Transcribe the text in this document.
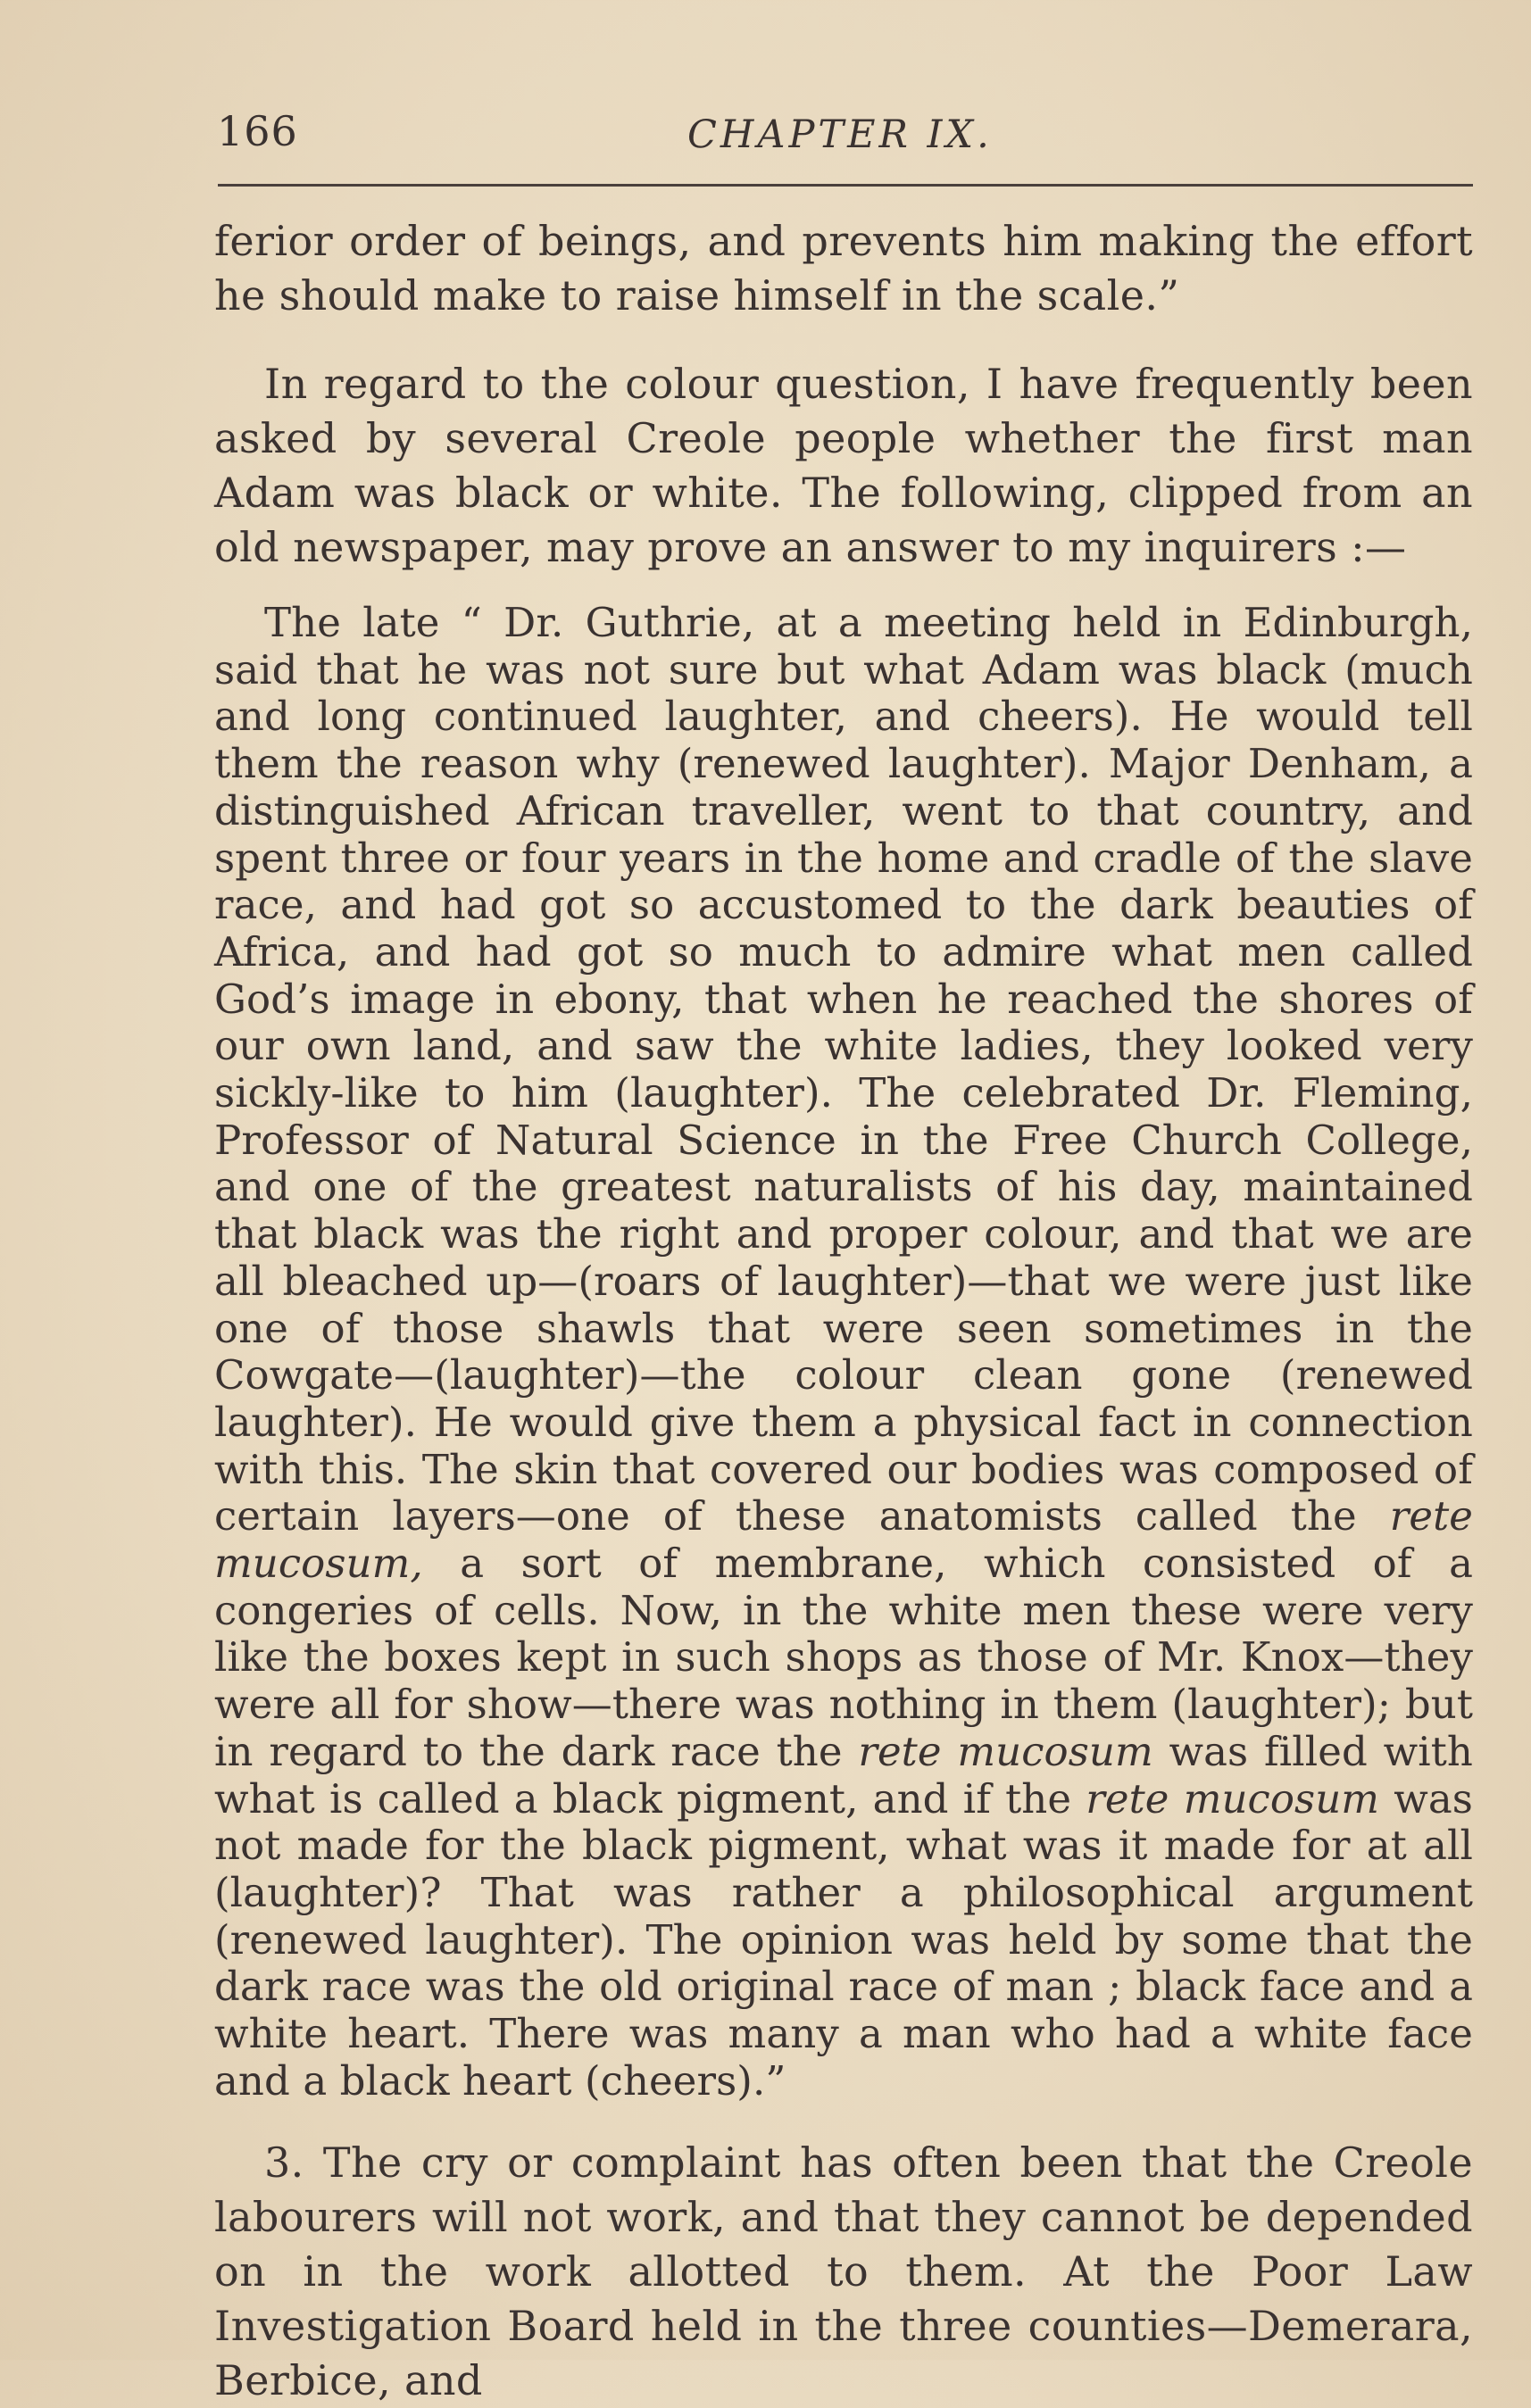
166	CHAPTER IX.

ferior order of beings, and prevents him making the effort he should make to raise himself in the scale.”

In regard to the colour question, I have frequently been asked by several Creole people whether the first man Adam was black or white. The following, clipped from an old newspaper, may prove an answer to my inquirers :—

The late “ Dr. Guthrie, at a meeting held in Edinburgh, said that he was not sure but what Adam was black (much and long continued laughter, and cheers). He would tell them the reason why (renewed laughter). Major Denham, a distinguished African traveller, went to that country, and spent three or four years in the home and cradle of the slave race, and had got so accustomed to the dark beauties of Africa, and had got so much to admire what men called God’s image in ebony, that when he reached the shores of our own land, and saw the white ladies, they looked very sickly-like to him (laughter). The celebrated Dr. Fleming, Professor of Natural Science in the Free Church College, and one of the greatest naturalists of his day, maintained that black was the right and proper colour, and that we are all bleached up—(roars of laughter)—that we were just like one of those shawls that were seen sometimes in the Cowgate—(laughter)—the colour clean gone (renewed laughter). He would give them a physical fact in connection with this. The skin that covered our bodies was composed of certain layers—one of these anatomists called the rete mucosum, a sort of membrane, which consisted of a congeries of cells. Now, in the white men these were very like the boxes kept in such shops as those of Mr. Knox—they were all for show—there was nothing in them (laughter); but in regard to the dark race the rete mucosum was filled with what is called a black pigment, and if the rete mucosum was not made for the black pigment, what was it made for at all (laughter)? That was rather a philosophical argument (renewed laughter). The opinion was held by some that the dark race was the old original race of man ; black face and a white heart. There was many a man who had a white face and a black heart (cheers).”

3. The cry or complaint has often been that the Creole labourers will not work, and that they cannot be depended on in the work allotted to them. At the Poor Law Investigation Board held in the three counties—Demerara, Berbice, and
